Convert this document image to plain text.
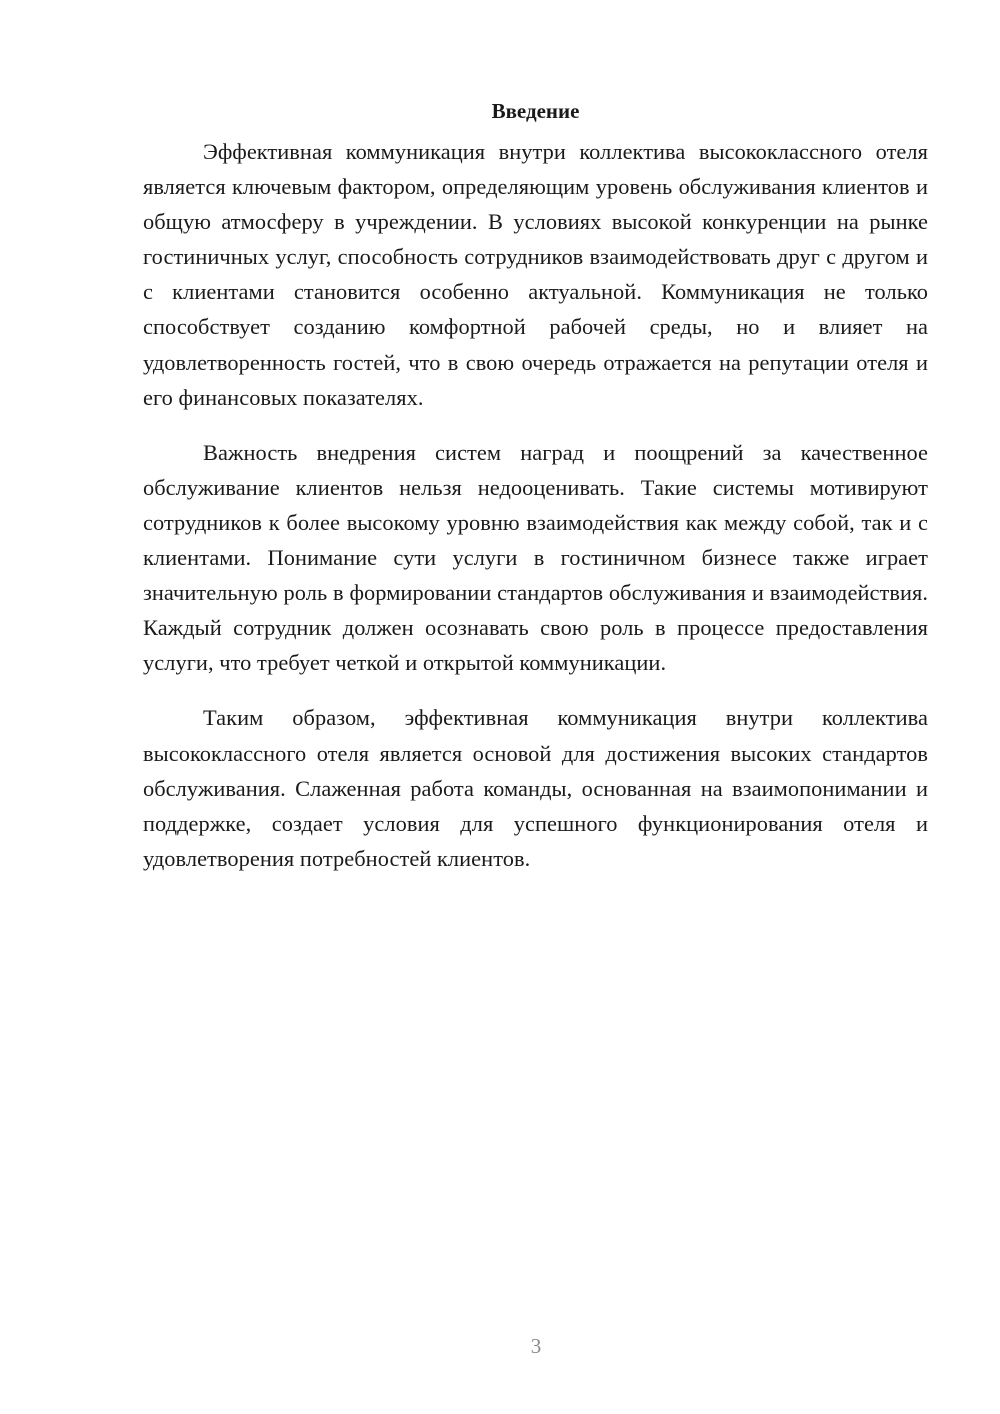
Введение

Эффективная коммуникация внутри коллектива высококлассного отеля является ключевым фактором, определяющим уровень обслуживания клиентов и общую атмосферу в учреждении. В условиях высокой конкуренции на рынке гостиничных услуг, способность сотрудников взаимодействовать друг с другом и с клиентами становится особенно актуальной. Коммуникация не только способствует созданию комфортной рабочей среды, но и влияет на удовлетворенность гостей, что в свою очередь отражается на репутации отеля и его финансовых показателях.

Важность внедрения систем наград и поощрений за качественное обслуживание клиентов нельзя недооценивать. Такие системы мотивируют сотрудников к более высокому уровню взаимодействия как между собой, так и с клиентами. Понимание сути услуги в гостиничном бизнесе также играет значительную роль в формировании стандартов обслуживания и взаимодействия. Каждый сотрудник должен осознавать свою роль в процессе предоставления услуги, что требует четкой и открытой коммуникации.

Таким образом, эффективная коммуникация внутри коллектива высококлассного отеля является основой для достижения высоких стандартов обслуживания. Слаженная работа команды, основанная на взаимопонимании и поддержке, создает условия для успешного функционирования отеля и удовлетворения потребностей клиентов.

3
